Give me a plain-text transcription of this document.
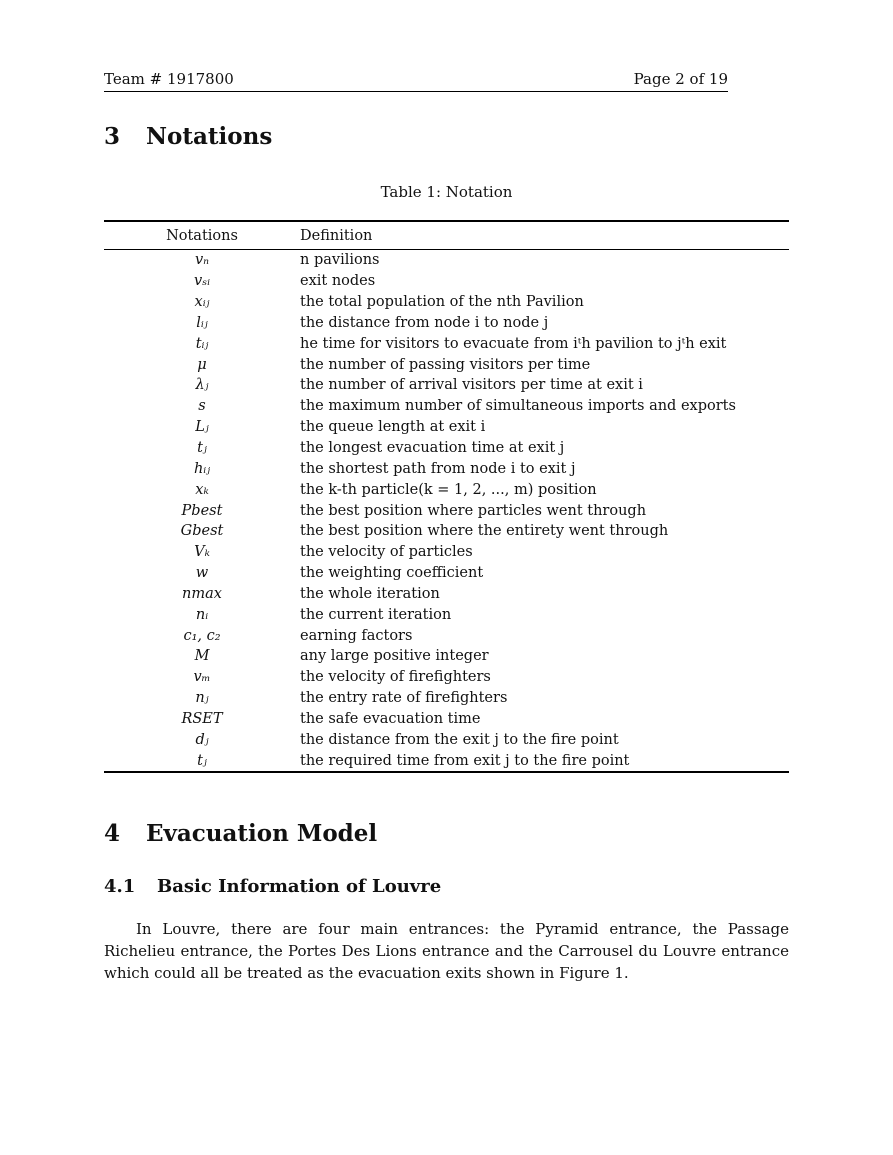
Team # 1917800	Page 2 of 19
3 Notations
Table 1: Notation
Notations	Definition
vₙ	n pavilions
vₛᵢ	exit nodes
xᵢⱼ	the total population of the nth Pavilion
lᵢⱼ	the distance from node i to node j
tᵢⱼ	he time for visitors to evacuate from iᵗh pavilion to jᵗh exit
μ	the number of passing visitors per time
λⱼ	the number of arrival visitors per time at exit i
s	the maximum number of simultaneous imports and exports
Lⱼ	the queue length at exit i
tⱼ	the longest evacuation time at exit j
hᵢⱼ	the shortest path from node i to exit j
xₖ	the k-th particle(k = 1, 2, ..., m) position
Pbest	the best position where particles went through
Gbest	the best position where the entirety went through
Vₖ	the velocity of particles
w	the weighting coefficient
nmax	the whole iteration
nᵢ	the current iteration
c₁, c₂	earning factors
M	any large positive integer
vₘ	the velocity of firefighters
nⱼ	the entry rate of firefighters
RSET	the safe evacuation time
dⱼ	the distance from the exit j to the fire point
tⱼ	the required time from exit j to the fire point
4 Evacuation Model
4.1 Basic Information of Louvre

In Louvre, there are four main entrances: the Pyramid entrance, the Passage Richelieu entrance, the Portes Des Lions entrance and the Carrousel du Louvre entrance which could all be treated as the evacuation exits shown in Figure 1.
